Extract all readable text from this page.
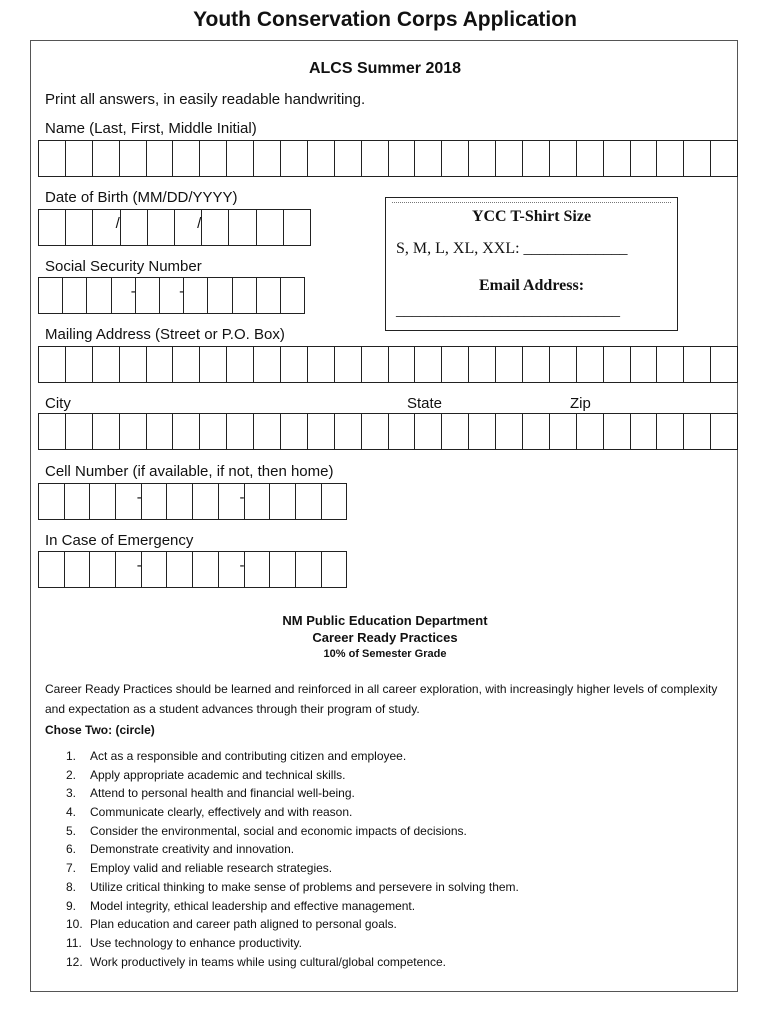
Youth Conservation Corps Application
ALCS Summer 2018
Print all answers, in easily readable handwriting.
Name (Last, First, Middle Initial)
Date of Birth (MM/DD/YYYY)
/	/
Social Security Number
-	-
YCC T-Shirt Size
S, M, L, XL, XXL: _____________
Email Address:
____________________________
Mailing Address (Street or P.O. Box)
City	State	Zip
Cell Number (if available, if not, then home)
-	-
In Case of Emergency
-	-
NM Public Education Department
Career Ready Practices
10% of Semester Grade
Career Ready Practices should be learned and reinforced in all career exploration, with increasingly higher levels of complexity and expectation as a student advances through their program of study.
Chose Two: (circle)
1. Act as a responsible and contributing citizen and employee.
2. Apply appropriate academic and technical skills.
3. Attend to personal health and financial well-being.
4. Communicate clearly, effectively and with reason.
5. Consider the environmental, social and economic impacts of decisions.
6. Demonstrate creativity and innovation.
7. Employ valid and reliable research strategies.
8. Utilize critical thinking to make sense of problems and persevere in solving them.
9. Model integrity, ethical leadership and effective management.
10. Plan education and career path aligned to personal goals.
11. Use technology to enhance productivity.
12. Work productively in teams while using cultural/global competence.
